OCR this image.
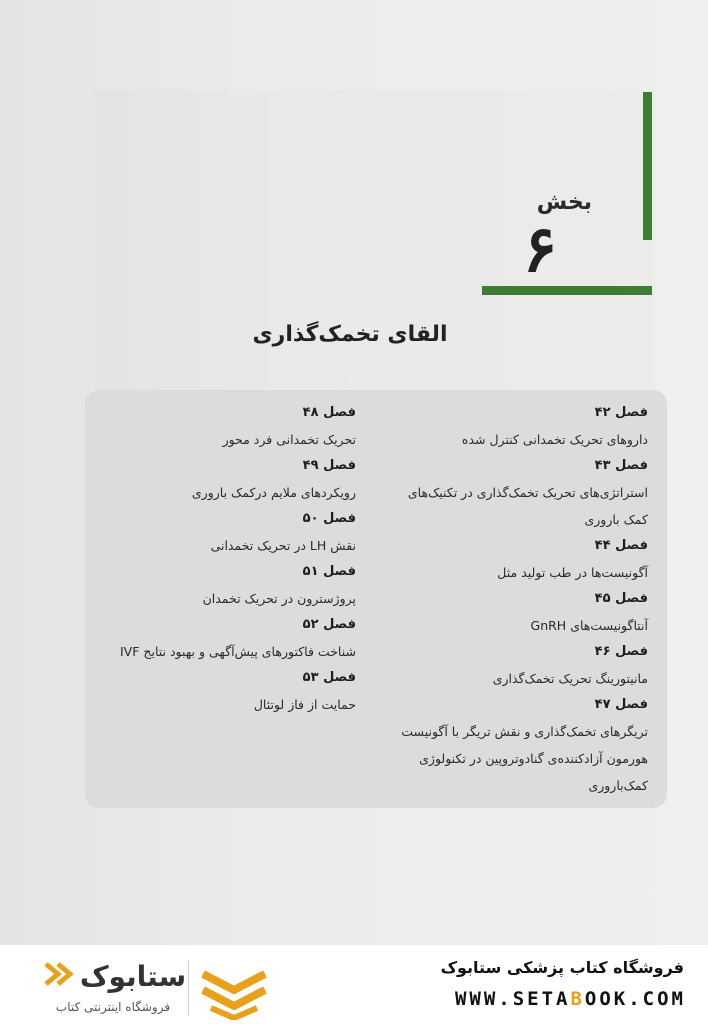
بخش
۶
القای تخمک‌گذاری
فصل ۴۲
داروهای تحریک تخمدانی کنترل شده
فصل ۴۳
استراتژی‌های تحریک تخمک‌گذاری در تکنیک‌های
کمک باروری
فصل ۴۴
آگونیست‌ها در طب تولید مثل
فصل ۴۵
آنتاگونیست‌های GnRH
فصل ۴۶
مانیتورینگ تحریک تخمک‌گذاری
فصل ۴۷
تریگرهای تخمک‌گذاری و نقش تریگر با آگونیست
هورمون آزادکننده‌ی گنادوتروپین در تکنولوژی
کمک‌باروری
فصل ۴۸
تحریک تخمدانی فرد محور
فصل ۴۹
رویکردهای ملایم درکمک باروری
فصل ۵۰
نقش LH در تحریک تخمدانی
فصل ۵۱
پروژسترون در تحریک تخمدان
فصل ۵۲
شناخت فاکتورهای پیش‌آگهی و بهبود نتایج IVF
فصل ۵۳
حمایت از فاز لوتئال
ستابوک
فروشگاه اینترنتی کتاب
فروشگاه کتاب پزشکی ستابوک
WWW.SETABOOK.COM
